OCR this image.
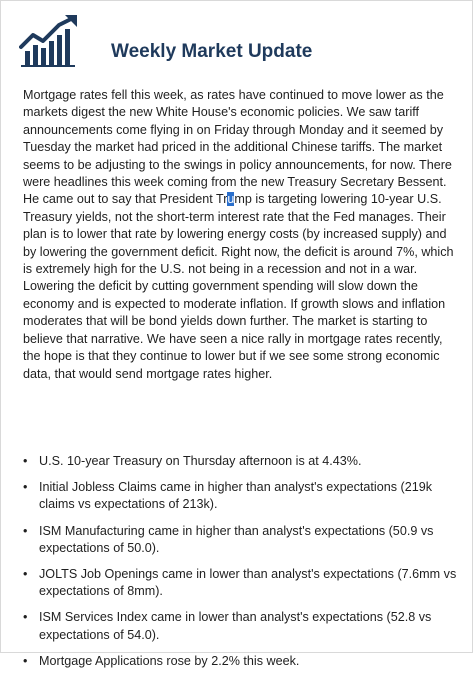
Weekly Market Update

Mortgage rates fell this week, as rates have continued to move lower as the markets digest the new White House's economic policies. We saw tariff announcements come flying in on Friday through Monday and it seemed by Tuesday the market had priced in the additional Chinese tariffs. The market seems to be adjusting to the swings in policy announcements, for now. There were headlines this week coming from the new Treasury Secretary Bessent. He came out to say that President Trump is targeting lowering 10-year U.S. Treasury yields, not the short-term interest rate that the Fed manages. Their plan is to lower that rate by lowering energy costs (by increased supply) and by lowering the government deficit. Right now, the deficit is around 7%, which is extremely high for the U.S. not being in a recession and not in a war. Lowering the deficit by cutting government spending will slow down the economy and is expected to moderate inflation. If growth slows and inflation moderates that will be bond yields down further. The market is starting to believe that narrative. We have seen a nice rally in mortgage rates recently, the hope is that they continue to lower but if we see some strong economic data, that would send mortgage rates higher.

• U.S. 10-year Treasury on Thursday afternoon is at 4.43%.
• Initial Jobless Claims came in higher than analyst's expectations (219k claims vs expectations of 213k).
• ISM Manufacturing came in higher than analyst's expectations (50.9 vs expectations of 50.0).
• JOLTS Job Openings came in lower than analyst's expectations (7.6mm vs expectations of 8mm).
• ISM Services Index came in lower than analyst's expectations (52.8 vs expectations of 54.0).
• Mortgage Applications rose by 2.2% this week.
